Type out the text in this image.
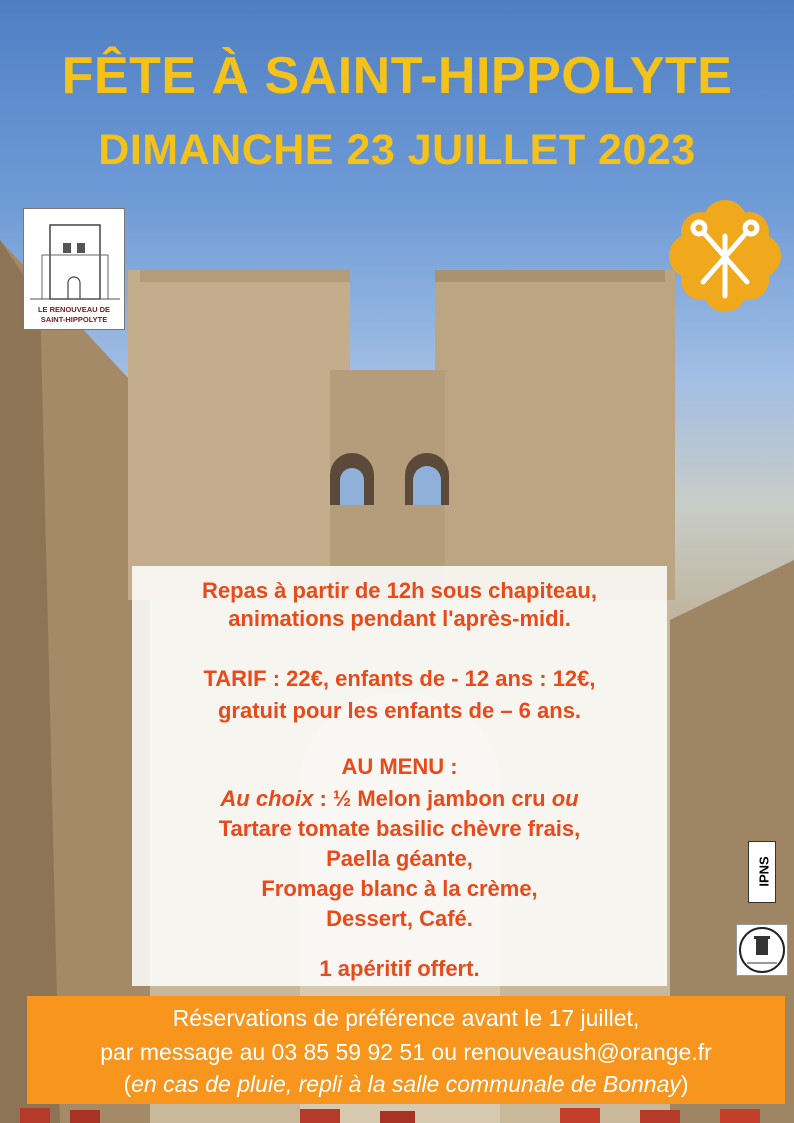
FÊTE À SAINT-HIPPOLYTE
DIMANCHE 23 JUILLET 2023
LE RENOUVEAU DE
SAINT-HIPPOLYTE
Repas à partir de 12h sous chapiteau,
animations pendant l'après-midi.
TARIF : 22€, enfants de - 12 ans : 12€,
gratuit pour les enfants de – 6 ans.
AU MENU :
Au choix : ½ Melon jambon cru ou
Tartare tomate basilic chèvre frais,
Paella géante,
Fromage blanc à la crème,
Dessert, Café.
1 apéritif offert.
IPNS
Réservations de préférence avant le 17 juillet,
par message au 03 85 59 92 51 ou renouveaush@orange.fr
(en cas de pluie, repli à la salle communale de Bonnay)
